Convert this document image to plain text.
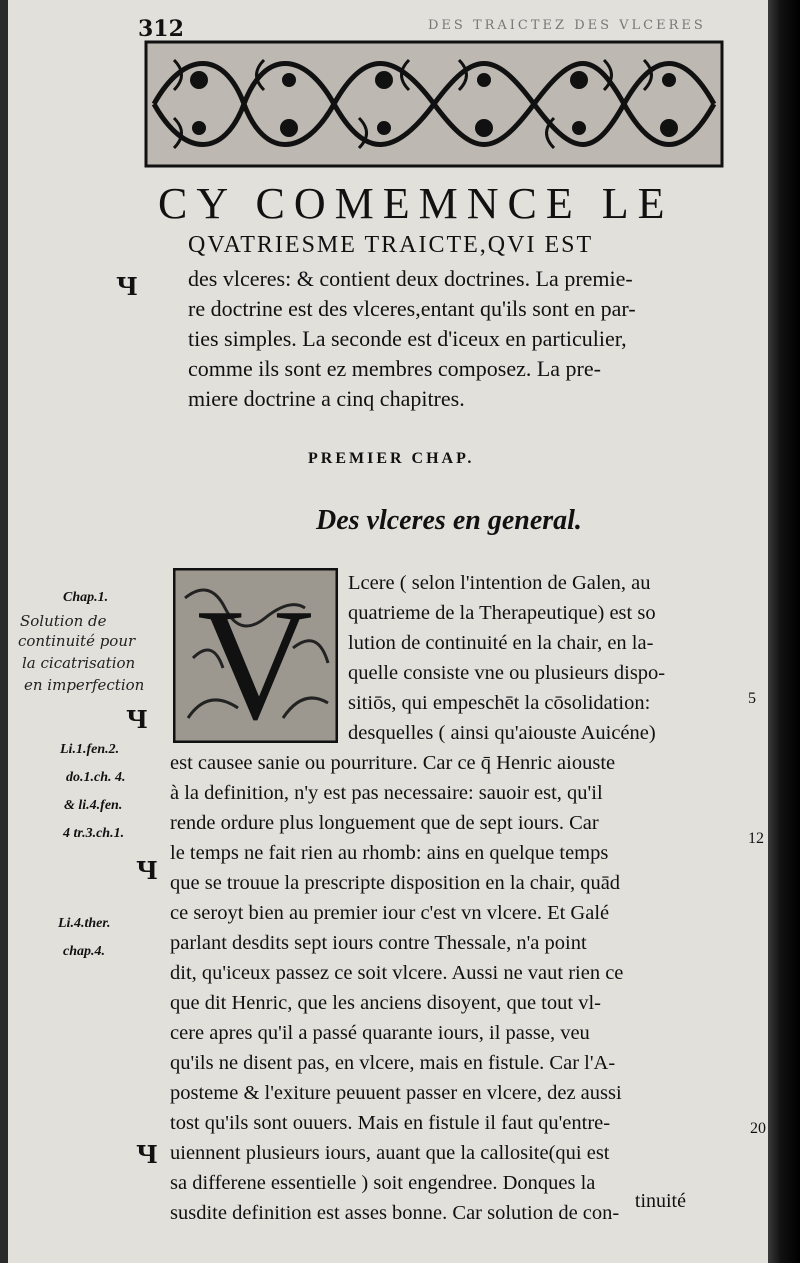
312	DES TRAICTEZ DES VLCERES
CY COMEMNCE LE
QVATRIESME TRAICTE,QVI EST
Ч des vlceres: & contient deux doctrines. La premie-
re doctrine est des vlceres,entant qu'ils sont en par-
ties simples. La seconde est d'iceux en particulier,
comme ils sont ez membres composez. La pre-
miere doctrine a cinq chapitres.
PREMIER CHAP.
Des vlceres en general.
V	Lcere ( selon l'intention de Galen, au
quatrieme de la Therapeutique) est so
lution de continuité en la chair, en la-
quelle consiste vne ou plusieurs dispo-
sitiōs, qui empeschēt la cōsolidation:
desquelles ( ainsi qu'aiouste Auicéne)
est causee sanie ou pourriture. Car ce q̄ Henric aiouste
à la definition, n'y est pas necessaire: sauoir est, qu'il
rende ordure plus longuement que de sept iours. Car
le temps ne fait rien au rhomb: ains en quelque temps
que se trouue la prescripte disposition en la chair, quād
ce seroyt bien au premier iour c'est vn vlcere. Et Galé
parlant desdits sept iours contre Thessale, n'a point
dit, qu'iceux passez ce soit vlcere. Aussi ne vaut rien ce
que dit Henric, que les anciens disoyent, que tout vl-
cere apres qu'il a passé quarante iours, il passe, veu
qu'ils ne disent pas, en vlcere, mais en fistule. Car l'A-
posteme & l'exiture peuuent passer en vlcere, dez aussi
tost qu'ils sont ouuers. Mais en fistule il faut qu'entre-
uiennent plusieurs iours, auant que la callosite(qui est
sa differene essentielle ) soit engendree. Donques la
susdite definition est asses bonne. Car solution de con-
tinuité
Chap.1.
Solution de
continuité pour
la cicatrisation
en imperfection
Ч
5
Li.1.fen.2.
do.1.ch. 4.
& li.4.fen.
4 tr.3.ch.1.	12
Ч
Li.4.ther.
chap.4.
Ч
20
